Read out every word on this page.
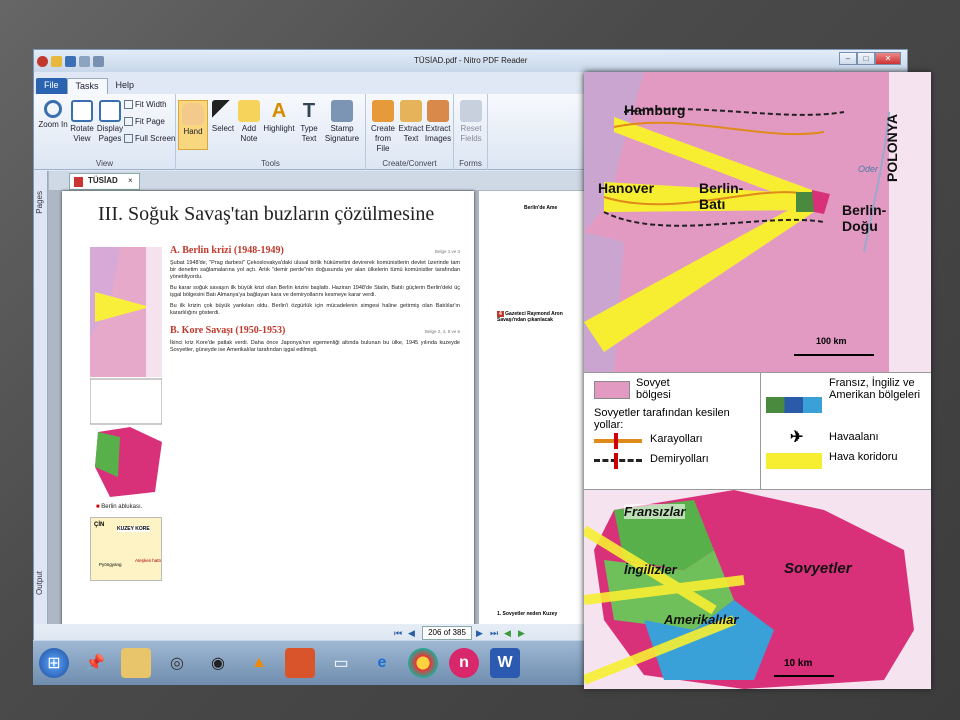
TÜSİAD.pdf - Nitro PDF Reader	–	□	✕
File	Tasks	Help
Zoom In Rotate View
Display Pages
Fit Width
Fit Page
Full Screen
View
Hand	Select Add Note
A
Highlight
T
Type Text
Stamp Signature
Tools
Create from File
Extract Text
Extract Images
Create/Convert
Reset Fields
Forms
Pages
Output
TÜSİAD ×
III. Soğuk Savaş'tan buzların çözülmesine
■ Berlin ablukası.
ÇİN
KUZEY KORE
Pyöngyang
Ateşkes hattı
A. Berlin krizi (1948-1949)	Belge 1 ve 3

Şubat 1948'de, "Prag darbesi" Çekoslovakya'daki ulusal birlik hükümetini devirerek komünistlerin devlet üzerinde tam bir denetim sağlamalarına yol açtı. Artık "demir perde"nin doğusunda yer alan ülkelerin tümü komünistler tarafından yönetiliyordu.

Bu karar soğuk savaşın ilk büyük krizi olan Berlin krizini başlattı. Haziran 1948'de Stalin, Batılı güçlerin Berlin'deki üç işgal bölgesini Batı Almanya'ya bağlayan kara ve demiryollarını kesmeye karar verdi.

Bu ilk krizin çok büyük yankıları oldu. Berlin'i özgürlük için mücadelenin simgesi haline getirmiş olan Batılılar'ın kararlılığını gösterdi.

B. Kore Savaşı (1950-1953)	Belge 2, 4, 5 ve 6

İkinci kriz Kore'de patlak verdi. Daha önce Japonya'nın egemenliği altında bulunan bu ülke, 1945 yılında kuzeyde Sovyetler, güneyde ise Amerikalılar tarafından işgal edilmişti.

Berlin'de Ame
4 Gazeteci Raymond Aron Savaşı'ndan çıkarılacak
1. Sovyetler neden Kuzey
⏮ ◀	206 of 385	▶ ⏭ ◀ ▶
⊞	📌	◎	◉	▲	▭	e	n	W
Hamburg
Hanover	Berlin-Batı	Berlin-Doğu
POLONYA
Oder
100 km
Sovyet bölgesi
Fransız, İngiliz ve Amerikan bölgeleri
Sovyetler tarafından kesilen yollar:
Karayolları
Demiryolları
✈ Havaalanı
Hava koridoru
Fransızlar
İngilizler
Amerikalılar
Sovyetler
10 km
